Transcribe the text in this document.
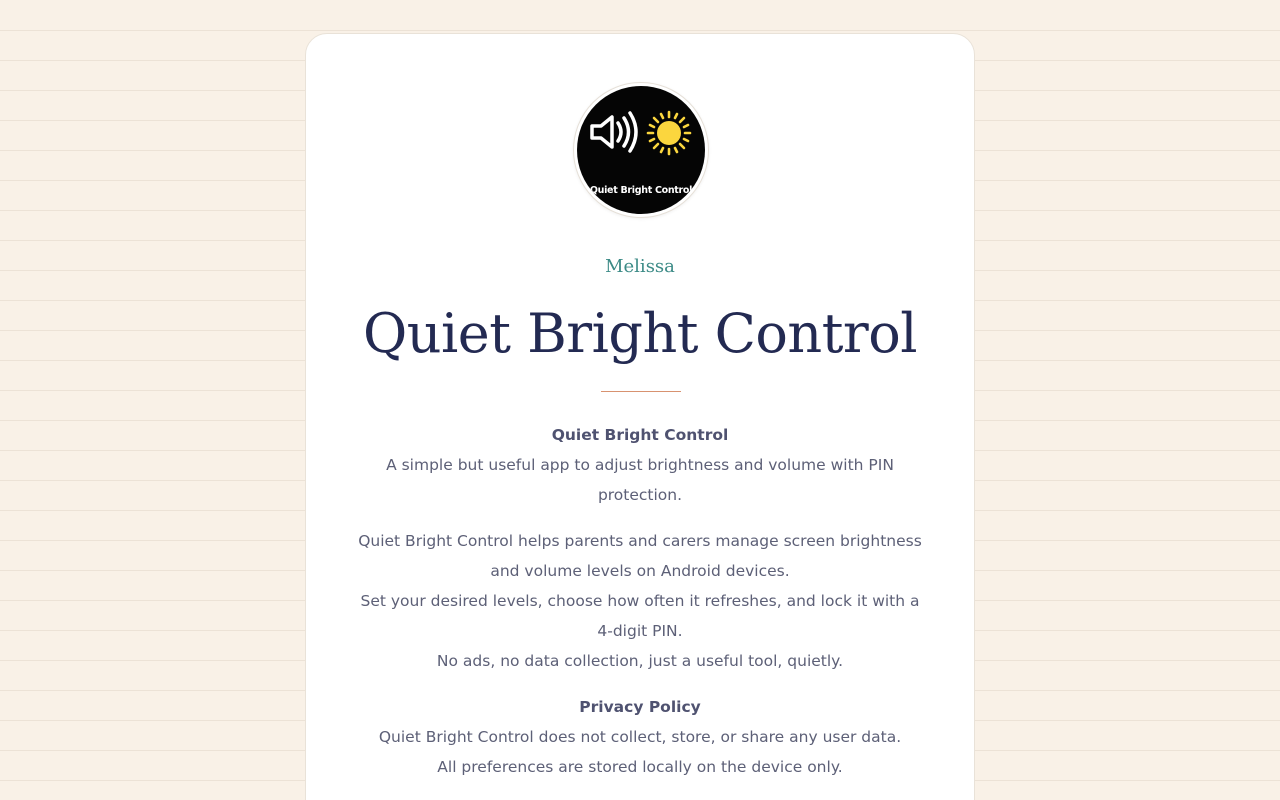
Quiet Bright Control
Melissa
Quiet Bright Control

Quiet Bright Control
A simple but useful app to adjust brightness and volume with PIN protection.

Quiet Bright Control helps parents and carers manage screen brightness and volume levels on Android devices.
Set your desired levels, choose how often it refreshes, and lock it with a 4-digit PIN.
No ads, no data collection, just a useful tool, quietly.

Privacy Policy
Quiet Bright Control does not collect, store, or share any user data.
All preferences are stored locally on the device only.
